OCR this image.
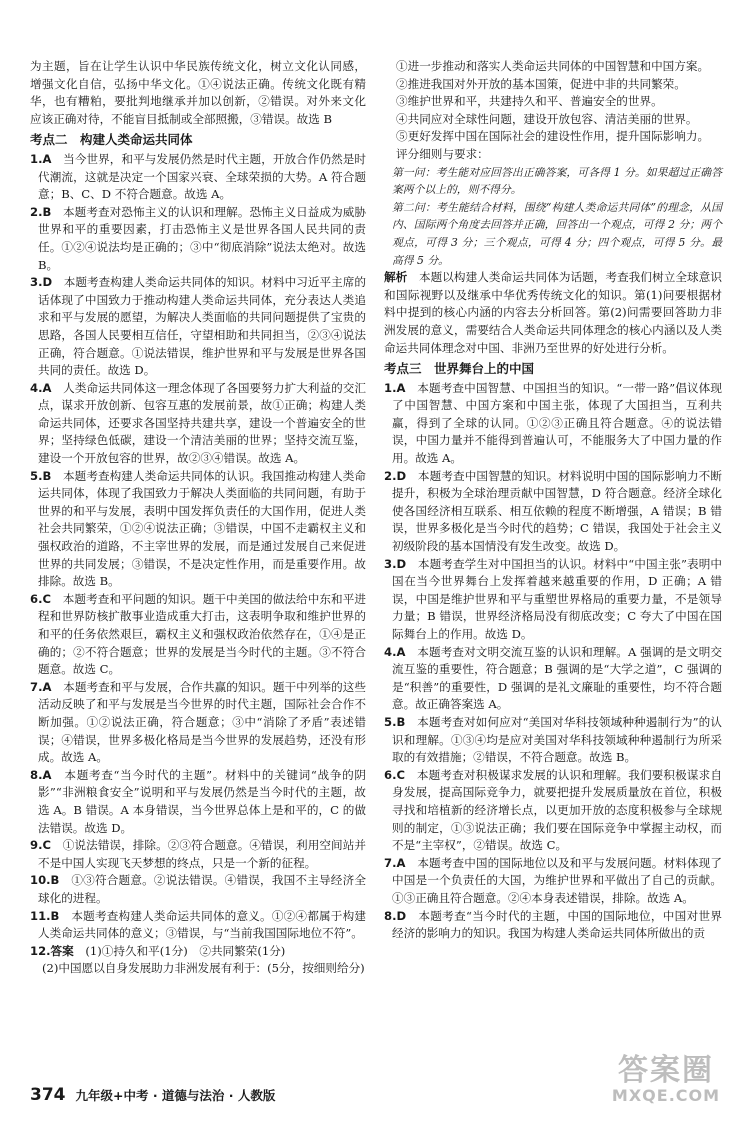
为主题，旨在让学生认识中华民族传统文化，树立文化认同感，增强文化自信，弘扬中华文化。①④说法正确。传统文化既有精华，也有糟粕，要批判地继承并加以创新，②错误。对外来文化应该正确对待，不能盲目抵制或全部照搬，③错误。故选 B

考点二　构建人类命运共同体

1.A　 当今世界，和平与发展仍然是时代主题，开放合作仍然是时代潮流，这就是决定一个国家兴衰、全球荣损的大势。A 符合题意；B、C、D 不符合题意。故选 A。

2.B　 本题考查对恐怖主义的认识和理解。恐怖主义日益成为威胁世界和平的重要因素，打击恐怖主义是世界各国人民共同的责任。①②④说法均是正确的；③中“彻底消除”说法太绝对。故选 B。

3.D　 本题考查构建人类命运共同体的知识。材料中习近平主席的话体现了中国致力于推动构建人类命运共同体，充分表达人类追求和平与发展的愿望，为解决人类面临的共同问题提供了宝贵的思路，各国人民要相互信任，守望相助和共同担当，②③④说法正确，符合题意。①说法错误，维护世界和平与发展是世界各国共同的责任。故选 D。

4.A　 人类命运共同体这一理念体现了各国要努力扩大利益的交汇点，谋求开放创新、包容互惠的发展前景，故①正确；构建人类命运共同体，还要求各国坚持共建共享，建设一个普遍安全的世界；坚持绿色低碳，建设一个清洁美丽的世界；坚持交流互鉴，建设一个开放包容的世界，故②③④错误。故选 A。

5.B　 本题考查构建人类命运共同体的认识。我国推动构建人类命运共同体，体现了我国致力于解决人类面临的共同问题，有助于世界的和平与发展，表明中国发挥负责任的大国作用，促进人类社会共同繁荣，①②④说法正确；③错误，中国不走霸权主义和强权政治的道路，不主宰世界的发展，而是通过发展自己来促进世界的共同发展；③错误，不是决定性作用，而是重要作用。故排除。故选 B。

6.C　 本题考查和平问题的知识。题干中美国的做法给中东和平进程和世界防核扩散事业造成重大打击，这表明争取和维护世界的和平的任务依然艰巨，霸权主义和强权政治依然存在，①④是正确的；②不符合题意；世界的发展是当今时代的主题。③不符合题意。故选 C。

7.A　 本题考查和平与发展，合作共赢的知识。题干中列举的这些活动反映了和平与发展是当今世界的时代主题，国际社会合作不断加强。①②说法正确，符合题意；③中“消除了矛盾”表述错误；④错误，世界多极化格局是当今世界的发展趋势，还没有形成。故选 A。

8.A　 本题考查“当今时代的主题”。材料中的关键词“战争的阴影”“非洲粮食安全”说明和平与发展仍然是当今时代的主题，故选 A。B 错误。A 本身错误，当今世界总体上是和平的，C 的做法错误。故选 D。

9.C　 ①说法错误，排除。②③符合题意。④错误，利用空间站并不是中国人实现飞天梦想的终点，只是一个新的征程。

10.B　 ①③符合题意。②说法错误。④错误，我国不主导经济全球化的进程。

11.B　 本题考查构建人类命运共同体的意义。①②④都属于构建人类命运共同体的意义；③错误，与“当前我国国际地位不符”。

12.答案　 (1)①持久和平(1分)　②共同繁荣(1分)

(2)中国愿以自身发展助力非洲发展有利于：(5分，按细则给分)

①进一步推动和落实人类命运共同体的中国智慧和中国方案。

②推进我国对外开放的基本国策，促进中非的共同繁荣。

③维护世界和平，共建持久和平、普遍安全的世界。

④共同应对全球性问题，建设开放包容、清洁美丽的世界。

⑤更好发挥中国在国际社会的建设性作用，提升国际影响力。

评分细则与要求：

第一问：考生能对应回答出正确答案，可各得 1 分。如果超过正确答案两个以上的，则不得分。

第二问：考生能结合材料，围绕“构建人类命运共同体”的理念，从国内、国际两个角度去回答并正确，回答出一个观点，可得 2 分；两个观点，可得 3 分；三个观点，可得 4 分；四个观点，可得 5 分。最高得 5 分。

解析　 本题以构建人类命运共同体为话题，考查我们树立全球意识和国际视野以及继承中华优秀传统文化的知识。第(1)问要根据材料中提到的核心内涵的内容去分析回答。第(2)问需要回答助力非洲发展的意义，需要结合人类命运共同体理念的核心内涵以及人类命运共同体理念对中国、非洲乃至世界的好处进行分析。

考点三　世界舞台上的中国

1.A　 本题考查中国智慧、中国担当的知识。“一带一路”倡议体现了中国智慧、中国方案和中国主张，体现了大国担当，互利共赢，得到了全球的认同。①②③正确且符合题意。④的说法错误，中国力量并不能得到普遍认可，不能服务大了中国力量的作用。故选 A。

2.D　 本题考查中国智慧的知识。材料说明中国的国际影响力不断提升，积极为全球治理贡献中国智慧，D 符合题意。经济全球化使各国经济相互联系、相互依赖的程度不断增强，A 错误；B 错误，世界多极化是当今时代的趋势；C 错误，我国处于社会主义初级阶段的基本国情没有发生改变。故选 D。

3.D　 本题考查学生对中国担当的认识。材料中“中国主张”表明中国在当今世界舞台上发挥着越来越重要的作用，D 正确；A 错误，中国是维护世界和平与重塑世界格局的重要力量，不是领导力量；B 错误，世界经济格局没有彻底改变；C 夸大了中国在国际舞台上的作用。故选 D。

4.A　 本题考查对文明交流互鉴的认识和理解。A 强调的是文明交流互鉴的重要性，符合题意；B 强调的是“大学之道”，C 强调的是“积善”的重要性，D 强调的是礼文廉耻的重要性，均不符合题意。故正确答案选 A。

5.B　 本题考查对如何应对“美国对华科技领域种种遏制行为”的认识和理解。①③④均是应对美国对华科技领域种种遏制行为所采取的有效措施；②错误，不符合题意。故选 B。

6.C　 本题考查对积极谋求发展的认识和理解。我们要积极谋求自身发展，提高国际竞争力，就要把提升发展质量放在首位，积极寻找和培植新的经济增长点，以更加开放的态度积极参与全球规则的制定，①③说法正确；我们要在国际竞争中掌握主动权，而不是“主宰权”，②错误。故选 C。

7.A　 本题考查中国的国际地位以及和平与发展问题。材料体现了中国是一个负责任的大国，为维护世界和平做出了自己的贡献。①③正确且符合题意。②④本身表述错误，排除。故选 A。

8.D　 本题考查“当今时代的主题，中国的国际地位，中国对世界经济的影响力的知识。我国为构建人类命运共同体所做出的贡

374 九年级+中考 · 道德与法治 · 人教版
答案圈
MXQE.COM
